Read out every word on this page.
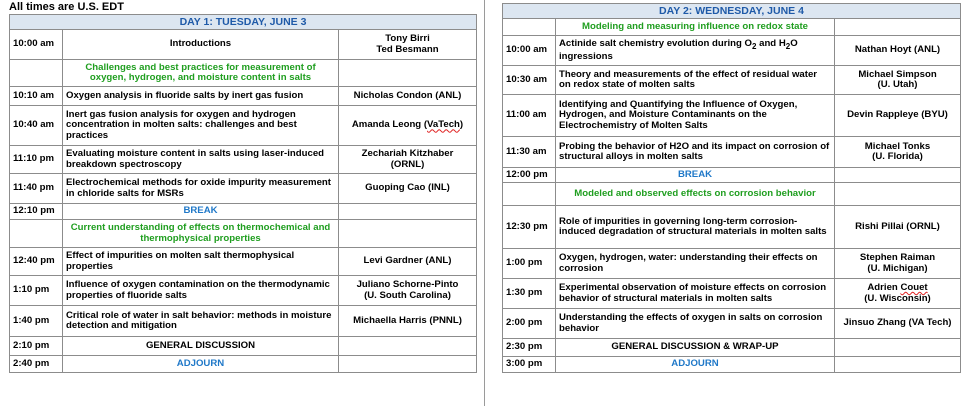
All times are U.S. EDT
DAY 1: TUESDAY, JUNE 3		
10:00 am	Introductions	Tony Birri
Ted Besmann
	Challenges and best practices for measurement of oxygen, hydrogen, and moisture content in salts	
10:10 am	Oxygen analysis in fluoride salts by inert gas fusion	Nicholas Condon (ANL)
10:40 am	Inert gas fusion analysis for oxygen and hydrogen concentration in molten salts: challenges and best practices	Amanda Leong (VaTech)
11:10 pm	Evaluating moisture content in salts using laser-induced breakdown spectroscopy	Zechariah Kitzhaber
(ORNL)
11:40 pm	Electrochemical methods for oxide impurity measurement in chloride salts for MSRs	Guoping Cao (INL)
12:10 pm	BREAK	
	Current understanding of effects on thermochemical and thermophysical properties	
12:40 pm	Effect of impurities on molten salt thermophysical properties	Levi Gardner (ANL)
1:10 pm	Influence of oxygen contamination on the thermodynamic properties of fluoride salts	Juliano Schorne-Pinto
(U. South Carolina)
1:40 pm	Critical role of water in salt behavior: methods in moisture detection and mitigation	Michaella Harris (PNNL)
2:10 pm	GENERAL DISCUSSION	
2:40 pm	ADJOURN	
DAY 2: WEDNESDAY, JUNE 4		
	Modeling and measuring influence on redox state	
10:00 am	Actinide salt chemistry evolution during $O_2$ and $H_2O$ ingressions	Nathan Hoyt (ANL)
10:30 am	Theory and measurements of the effect of residual water on redox state of molten salts	Michael Simpson
(U. Utah)
11:00 am	Identifying and Quantifying the Influence of Oxygen, Hydrogen, and Moisture Contaminants on the Electrochemistry of Molten Salts	Devin Rappleye (BYU)
11:30 am	Probing the behavior of H2O and its impact on corrosion of structural alloys in molten salts	Michael Tonks
(U. Florida)
12:00 pm	BREAK	
	Modeled and observed effects on corrosion behavior	
12:30 pm	Role of impurities in governing long-term corrosion-induced degradation of structural materials in molten salts	Rishi Pillai (ORNL)
1:00 pm	Oxygen, hydrogen, water: understanding their effects on corrosion	Stephen Raiman
(U. Michigan)
1:30 pm	Experimental observation of moisture effects on corrosion behavior of structural materials in molten salts	Adrien Couet
(U. Wisconsin)
2:00 pm	Understanding the effects of oxygen in salts on corrosion behavior	Jinsuo Zhang (VA Tech)
2:30 pm	GENERAL DISCUSSION & WRAP-UP	
3:00 pm	ADJOURN	
